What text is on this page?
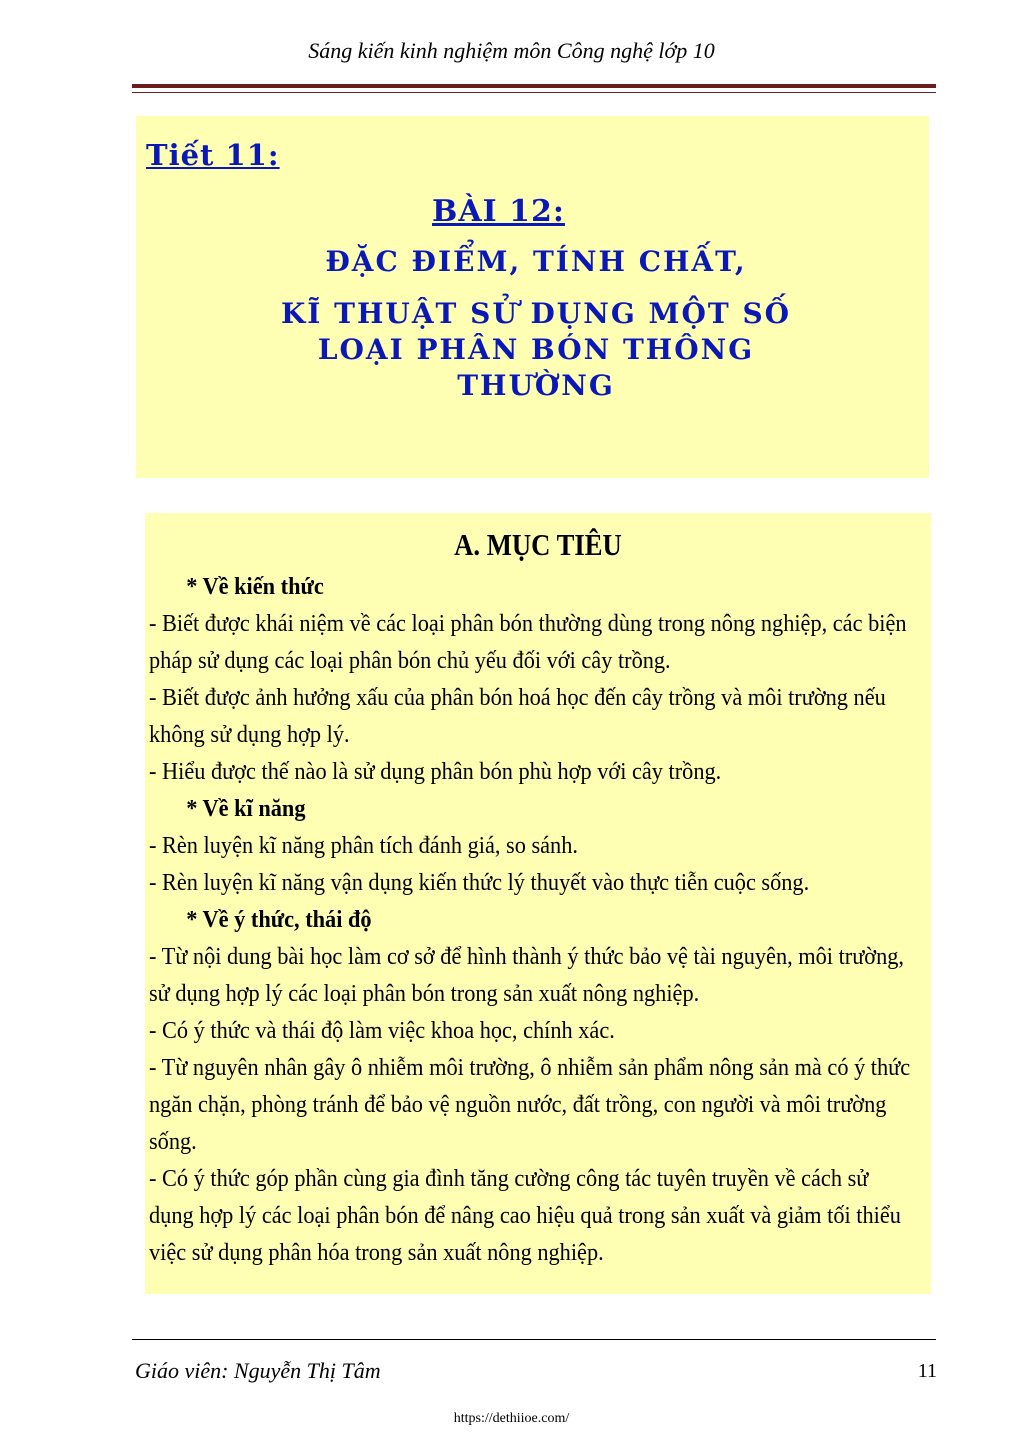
Sáng kiến kinh nghiệm môn Công nghệ lớp 10
Tiết 11:
BÀI 12:
ĐẶC ĐIỂM, TÍNH CHẤT,
KĨ THUẬT SỬ DỤNG MỘT SỐ
LOẠI PHÂN BÓN THÔNG
THƯỜNG
A. MỤC TIÊU
* Về kiến thức
- Biết được khái niệm về các loại phân bón thường dùng trong nông nghiệp, các biện
pháp sử dụng các loại phân bón chủ yếu đối với cây trồng.
- Biết được ảnh hưởng xấu của phân bón hoá học đến cây trồng và môi trường nếu
không sử dụng hợp lý.
- Hiểu được thế nào là sử dụng phân bón phù hợp với cây trồng.
* Về kĩ năng
- Rèn luyện kĩ năng phân tích đánh giá, so sánh.
- Rèn luyện kĩ năng vận dụng kiến thức lý thuyết vào thực tiễn cuộc sống.
* Về ý thức, thái độ
- Từ nội dung bài học làm cơ sở để hình thành ý thức bảo vệ tài nguyên, môi trường,
sử dụng hợp lý các loại phân bón trong sản xuất nông nghiệp.
- Có ý thức và thái độ làm việc khoa học, chính xác.
- Từ nguyên nhân gây ô nhiễm môi trường, ô nhiễm sản phẩm nông sản mà có ý thức
ngăn chặn, phòng tránh để bảo vệ nguồn nước, đất trồng, con người và môi trường
sống.
- Có ý thức góp phần cùng gia đình tăng cường công tác tuyên truyền về cách sử
dụng hợp lý các loại phân bón để nâng cao hiệu quả trong sản xuất và giảm tối thiểu
việc sử dụng phân hóa trong sản xuất nông nghiệp.
Giáo viên: Nguyễn Thị Tâm	11
https://dethiioe.com/
